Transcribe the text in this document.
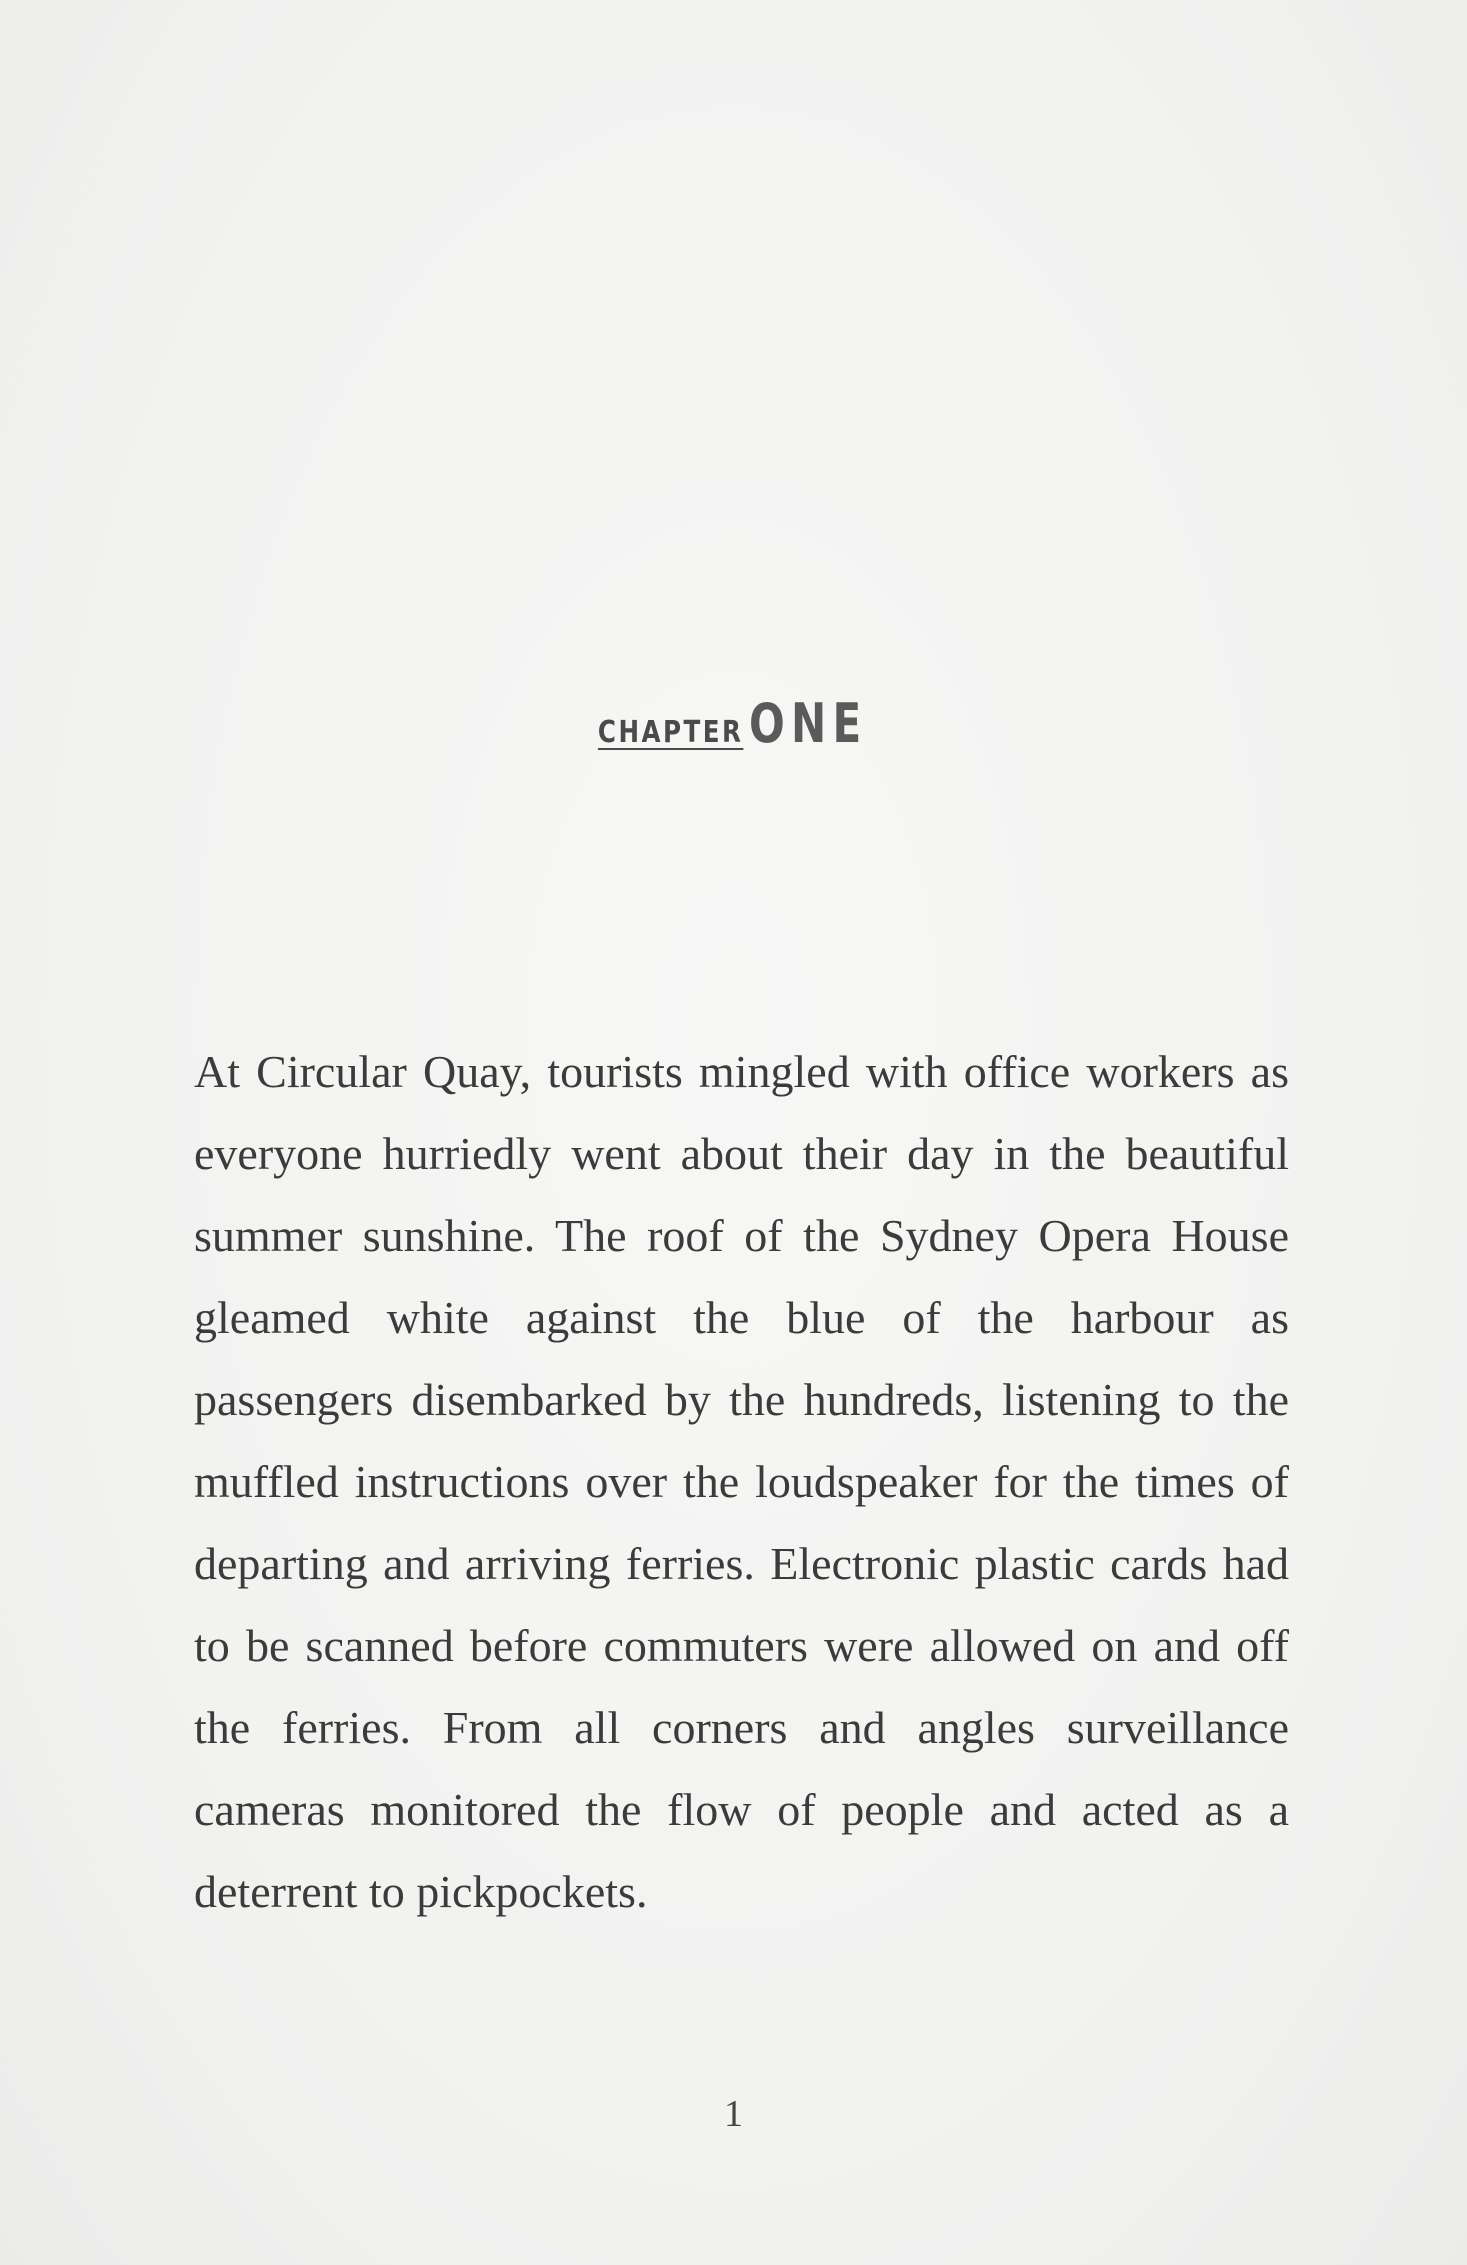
CHAPTER ONE

At Circular Quay, tourists mingled with office workers as everyone hurriedly went about their day in the beautiful summer sunshine. The roof of the Sydney Opera House gleamed white against the blue of the harbour as passengers disembarked by the hundreds, listening to the muffled instructions over the loudspeaker for the times of departing and arriving ferries. Electronic plastic cards had to be scanned before commuters were allowed on and off the ferries. From all corners and angles surveillance cameras monitored the flow of people and acted as a deterrent to pickpockets.

1
